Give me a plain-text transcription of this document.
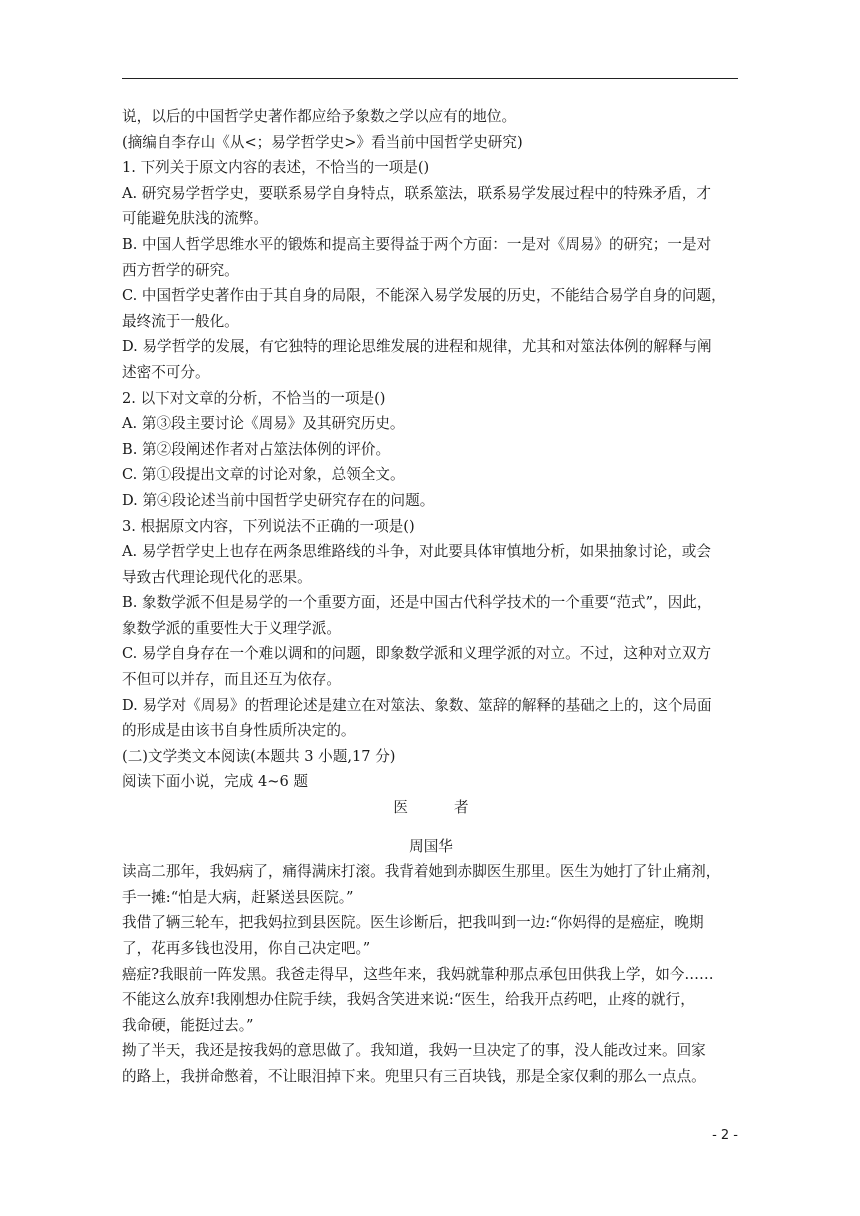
说，以后的中国哲学史著作都应给予象数之学以应有的地位。

(摘编自李存山《从<；易学哲学史>》看当前中国哲学史研究)

1. 下列关于原文内容的表述，不恰当的一项是()

A. 研究易学哲学史，要联系易学自身特点，联系筮法，联系易学发展过程中的特殊矛盾，才

可能避免肤浅的流弊。

B. 中国人哲学思维水平的锻炼和提高主要得益于两个方面：一是对《周易》的研究；一是对

西方哲学的研究。

C. 中国哲学史著作由于其自身的局限，不能深入易学发展的历史，不能结合易学自身的问题，

最终流于一般化。

D. 易学哲学的发展，有它独特的理论思维发展的进程和规律，尤其和对筮法体例的解释与阐

述密不可分。

2. 以下对文章的分析，不恰当的一项是()

A. 第③段主要讨论《周易》及其研究历史。

B. 第②段阐述作者对占筮法体例的评价。

C. 第①段提出文章的讨论对象，总领全文。

D. 第④段论述当前中国哲学史研究存在的问题。

3. 根据原文内容，下列说法不正确的一项是()

A. 易学哲学史上也存在两条思维路线的斗争，对此要具体审慎地分析，如果抽象讨论，或会

导致古代理论现代化的恶果。

B. 象数学派不但是易学的一个重要方面，还是中国古代科学技术的一个重要“范式”，因此，

象数学派的重要性大于义理学派。

C. 易学自身存在一个难以调和的问题，即象数学派和义理学派的对立。不过，这种对立双方

不但可以并存，而且还互为依存。

D. 易学对《周易》的哲理论述是建立在对筮法、象数、筮辞的解释的基础之上的，这个局面

的形成是由该书自身性质所决定的。

(二)文学类文本阅读(本题共 3 小题,17 分)

阅读下面小说，完成 4~6 题

医者

周国华

读高二那年，我妈病了，痛得满床打滚。我背着她到赤脚医生那里。医生为她打了针止痛剂，

手一摊:“怕是大病，赶紧送县医院。”

我借了辆三轮车，把我妈拉到县医院。医生诊断后，把我叫到一边:“你妈得的是癌症，晚期

了，花再多钱也没用，你自己决定吧。”

癌症?我眼前一阵发黑。我爸走得早，这些年来，我妈就靠种那点承包田供我上学，如今……

不能这么放弃!我刚想办住院手续，我妈含笑进来说:“医生，给我开点药吧，止疼的就行，

我命硬，能挺过去。”

拗了半天，我还是按我妈的意思做了。我知道，我妈一旦决定了的事，没人能改过来。回家

的路上，我拼命憋着，不让眼泪掉下来。兜里只有三百块钱，那是全家仅剩的那么一点点。

- 2 -
